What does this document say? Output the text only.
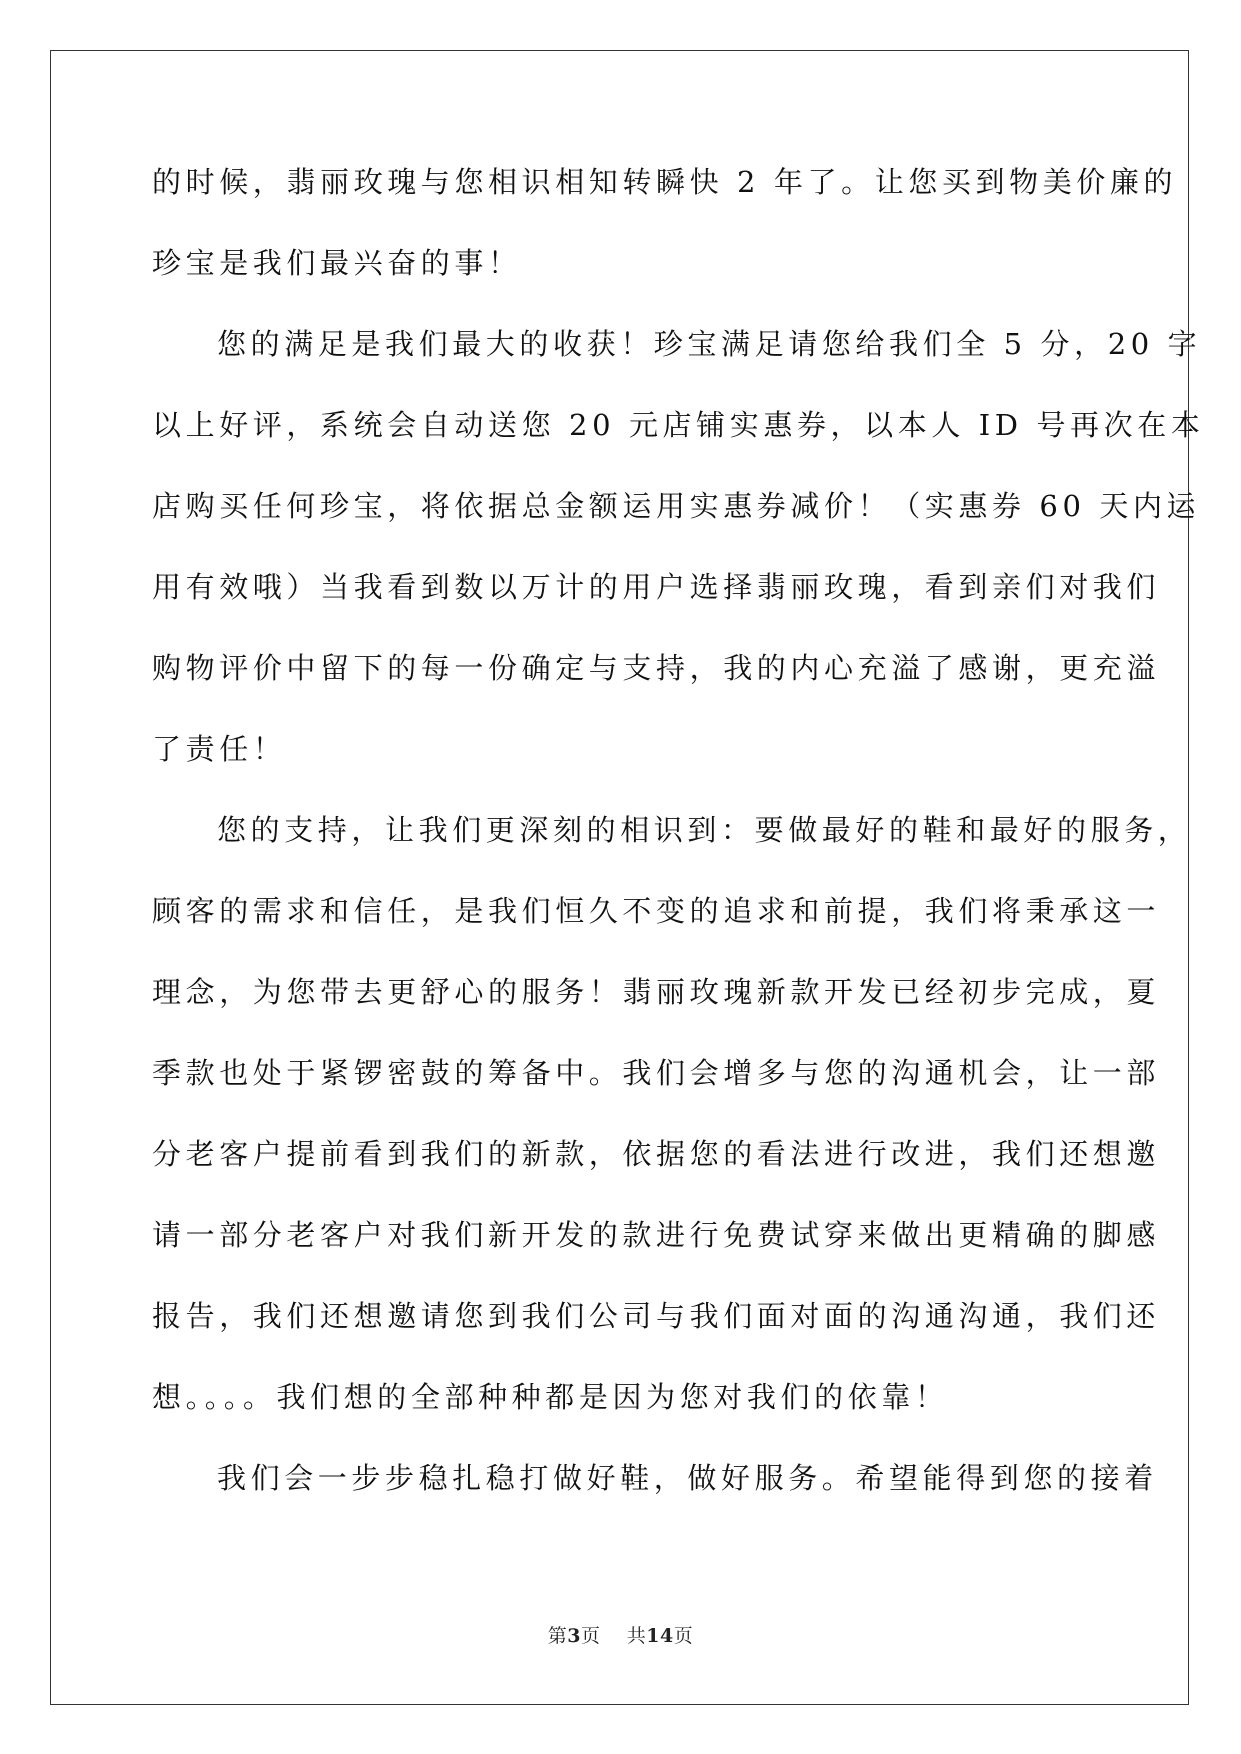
的时候，翡丽玫瑰与您相识相知转瞬快 2 年了。让您买到物美价廉的
珍宝是我们最兴奋的事！
您的满足是我们最大的收获！珍宝满足请您给我们全 5 分，20 字
以上好评，系统会自动送您 20 元店铺实惠券，以本人 ID 号再次在本
店购买任何珍宝，将依据总金额运用实惠券减价！（实惠券 60 天内运
用有效哦）当我看到数以万计的用户选择翡丽玫瑰，看到亲们对我们
购物评价中留下的每一份确定与支持，我的内心充溢了感谢，更充溢
了责任！
您的支持，让我们更深刻的相识到：要做最好的鞋和最好的服务，
顾客的需求和信任，是我们恒久不变的追求和前提，我们将秉承这一
理念，为您带去更舒心的服务！翡丽玫瑰新款开发已经初步完成，夏
季款也处于紧锣密鼓的筹备中。我们会增多与您的沟通机会，让一部
分老客户提前看到我们的新款，依据您的看法进行改进，我们还想邀
请一部分老客户对我们新开发的款进行免费试穿来做出更精确的脚感
报告，我们还想邀请您到我们公司与我们面对面的沟通沟通，我们还
想。。。。我们想的全部种种都是因为您对我们的依靠！
我们会一步步稳扎稳打做好鞋，做好服务。希望能得到您的接着
第3页 共14页
